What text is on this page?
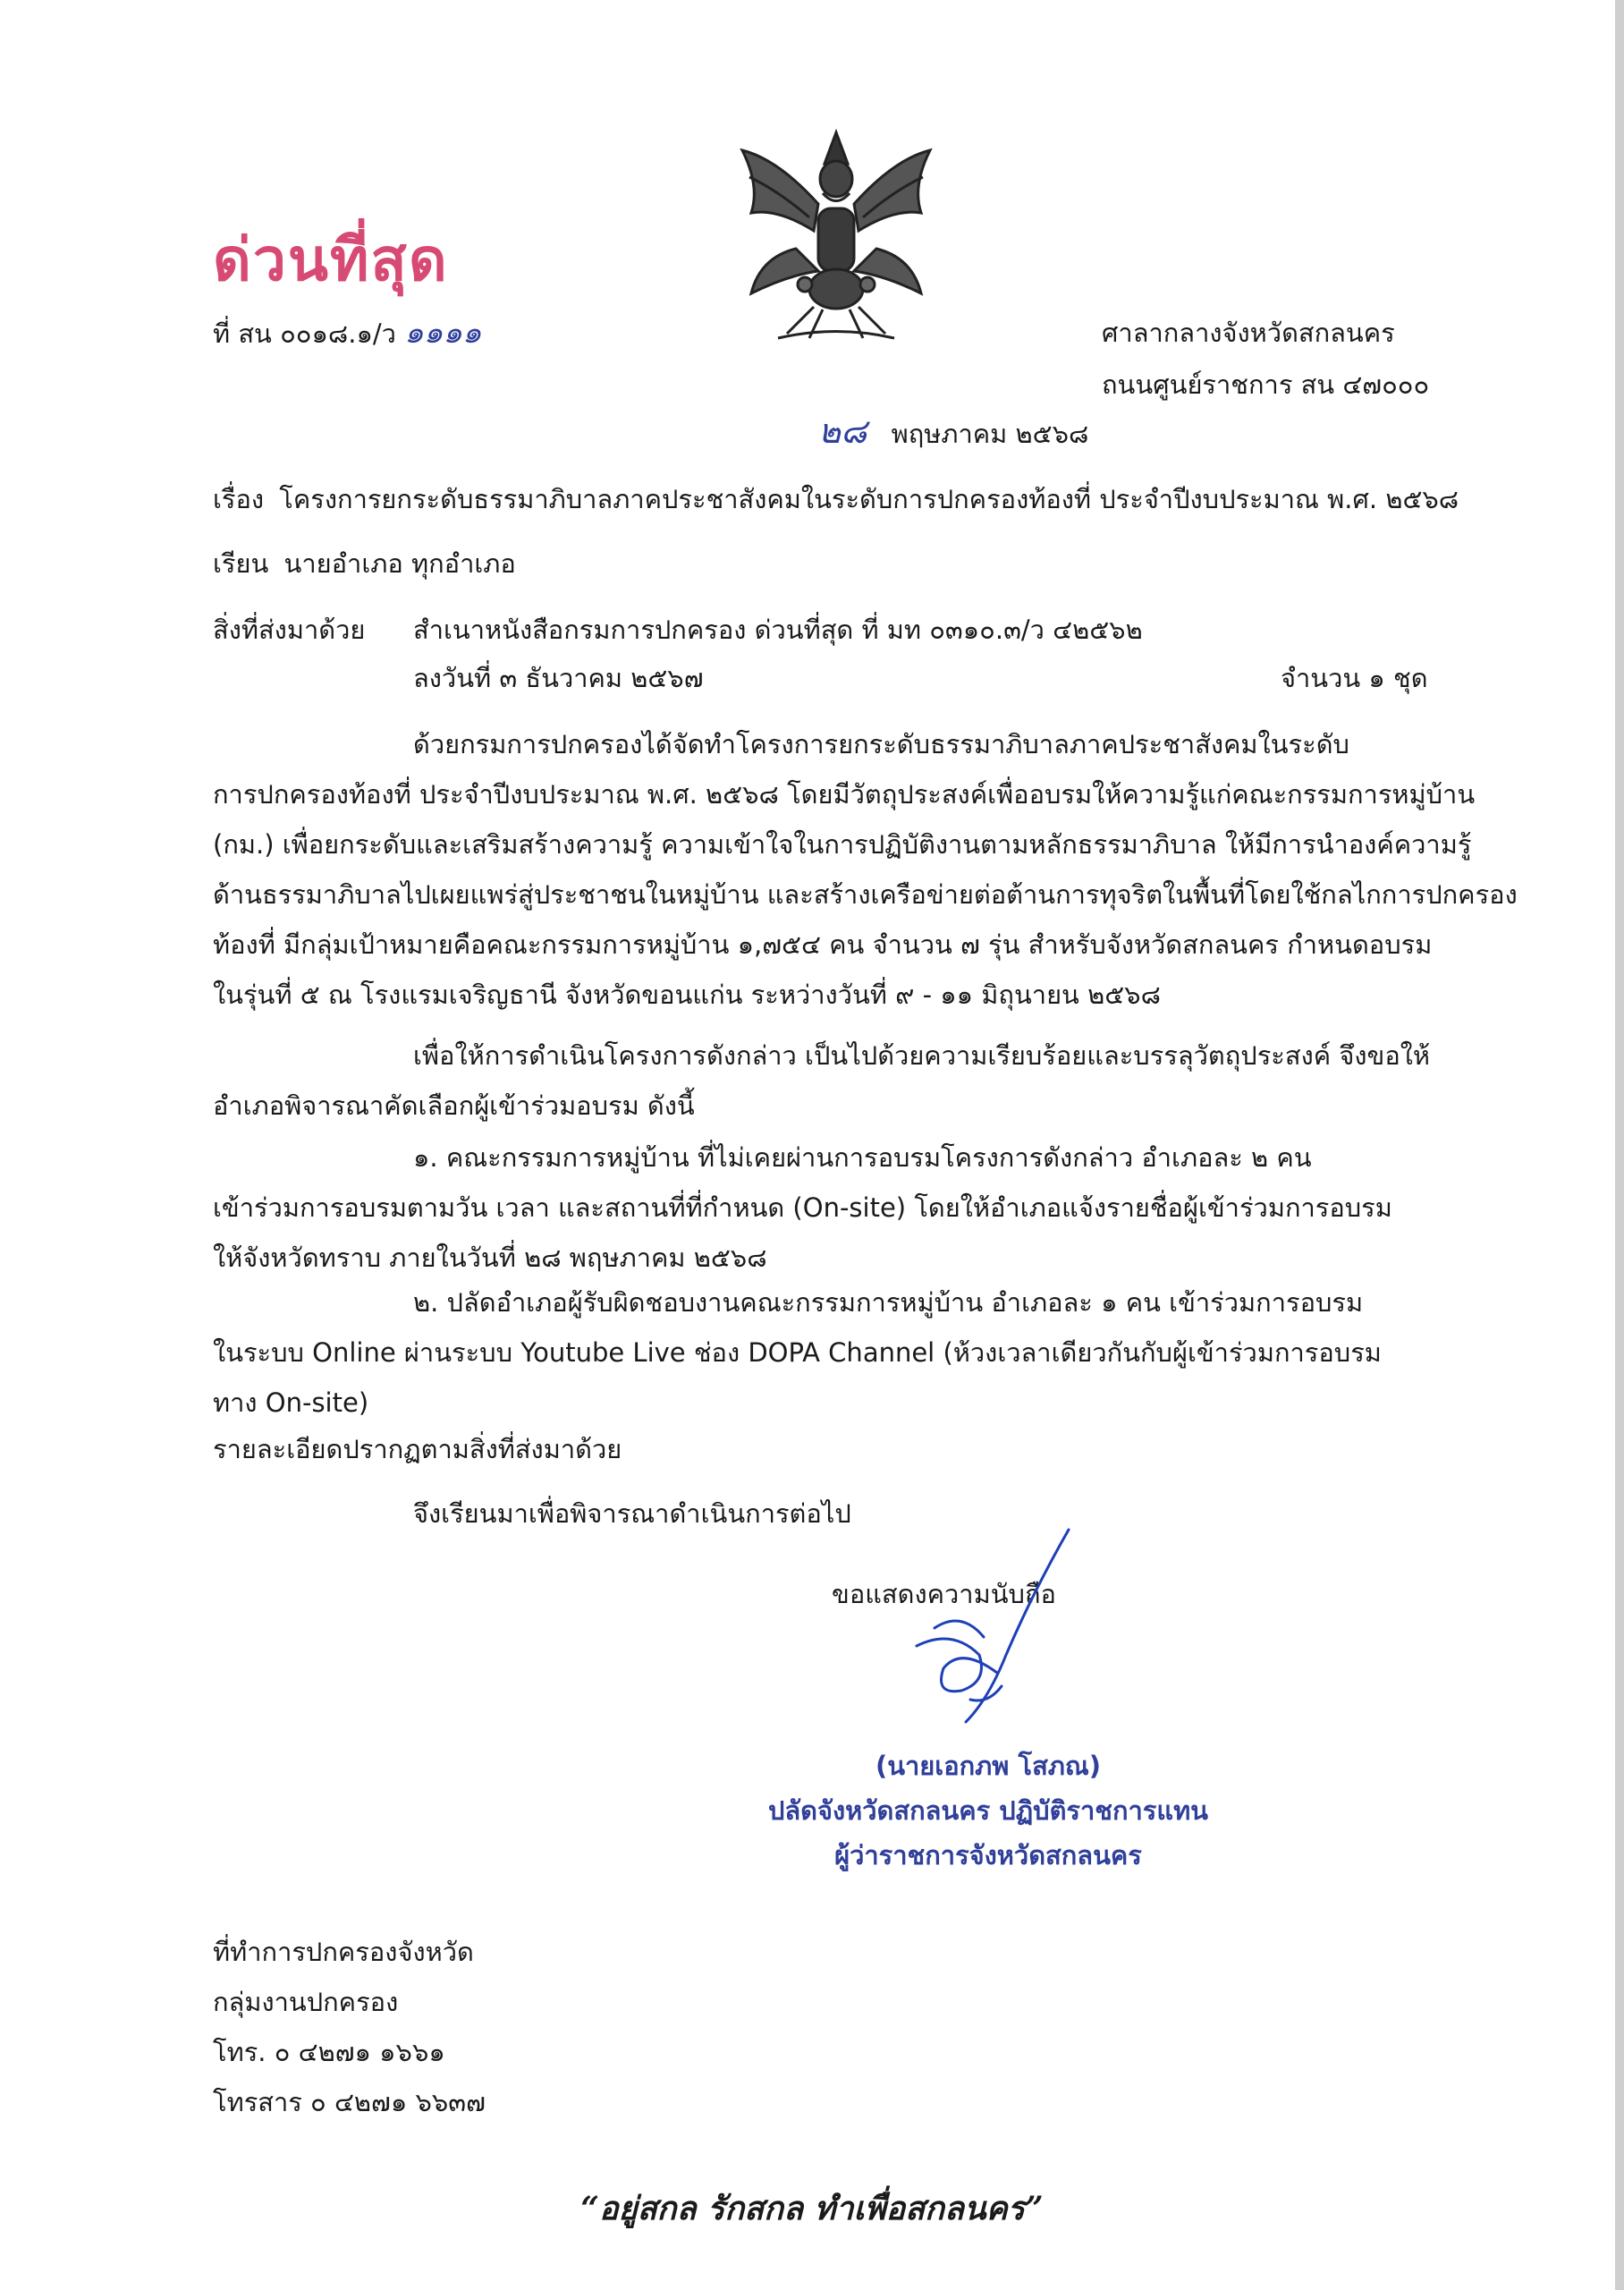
ด่วนที่สุด
ที่ สน ๐๐๑๘.๑/ว ๑๑๑๑	ศาลากลางจังหวัดสกลนคร
ถนนศูนย์ราชการ สน ๔๗๐๐๐
๒๘ พฤษภาคม ๒๕๖๘
เรื่อง โครงการยกระดับธรรมาภิบาลภาคประชาสังคมในระดับการปกครองท้องที่ ประจำปีงบประมาณ พ.ศ. ๒๕๖๘
เรียน นายอำเภอ ทุกอำเภอ
สิ่งที่ส่งมาด้วย สำเนาหนังสือกรมการปกครอง ด่วนที่สุด ที่ มท ๐๓๑๐.๓/ว ๔๒๕๖๒
ลงวันที่ ๓ ธันวาคม ๒๕๖๗	จำนวน ๑ ชุด
ด้วยกรมการปกครองได้จัดทำโครงการยกระดับธรรมาภิบาลภาคประชาสังคมในระดับ
การปกครองท้องที่ ประจำปีงบประมาณ พ.ศ. ๒๕๖๘ โดยมีวัตถุประสงค์เพื่ออบรมให้ความรู้แก่คณะกรรมการหมู่บ้าน
(กม.) เพื่อยกระดับและเสริมสร้างความรู้ ความเข้าใจในการปฏิบัติงานตามหลักธรรมาภิบาล ให้มีการนำองค์ความรู้
ด้านธรรมาภิบาลไปเผยแพร่สู่ประชาชนในหมู่บ้าน และสร้างเครือข่ายต่อต้านการทุจริตในพื้นที่โดยใช้กลไกการปกครอง
ท้องที่ มีกลุ่มเป้าหมายคือคณะกรรมการหมู่บ้าน ๑,๗๕๔ คน จำนวน ๗ รุ่น สำหรับจังหวัดสกลนคร กำหนดอบรม
ในรุ่นที่ ๕ ณ โรงแรมเจริญธานี จังหวัดขอนแก่น ระหว่างวันที่ ๙ - ๑๑ มิถุนายน ๒๕๖๘
เพื่อให้การดำเนินโครงการดังกล่าว เป็นไปด้วยความเรียบร้อยและบรรลุวัตถุประสงค์ จึงขอให้
อำเภอพิจารณาคัดเลือกผู้เข้าร่วมอบรม ดังนี้
๑. คณะกรรมการหมู่บ้าน ที่ไม่เคยผ่านการอบรมโครงการดังกล่าว อำเภอละ ๒ คน
เข้าร่วมการอบรมตามวัน เวลา และสถานที่ที่กำหนด (On-site) โดยให้อำเภอแจ้งรายชื่อผู้เข้าร่วมการอบรม
ให้จังหวัดทราบ ภายในวันที่ ๒๘ พฤษภาคม ๒๕๖๘
๒. ปลัดอำเภอผู้รับผิดชอบงานคณะกรรมการหมู่บ้าน อำเภอละ ๑ คน เข้าร่วมการอบรม
ในระบบ Online ผ่านระบบ Youtube Live ช่อง DOPA Channel (ห้วงเวลาเดียวกันกับผู้เข้าร่วมการอบรม
ทาง On-site)
รายละเอียดปรากฏตามสิ่งที่ส่งมาด้วย
จึงเรียนมาเพื่อพิจารณาดำเนินการต่อไป
ขอแสดงความนับถือ
(นายเอกภพ โสภณ)
ปลัดจังหวัดสกลนคร ปฏิบัติราชการแทน
ผู้ว่าราชการจังหวัดสกลนคร
ที่ทำการปกครองจังหวัด
กลุ่มงานปกครอง
โทร. ๐ ๔๒๗๑ ๑๖๖๑
โทรสาร ๐ ๔๒๗๑ ๖๖๓๗
“อยู่สกล รักสกล ทำเพื่อสกลนคร”
